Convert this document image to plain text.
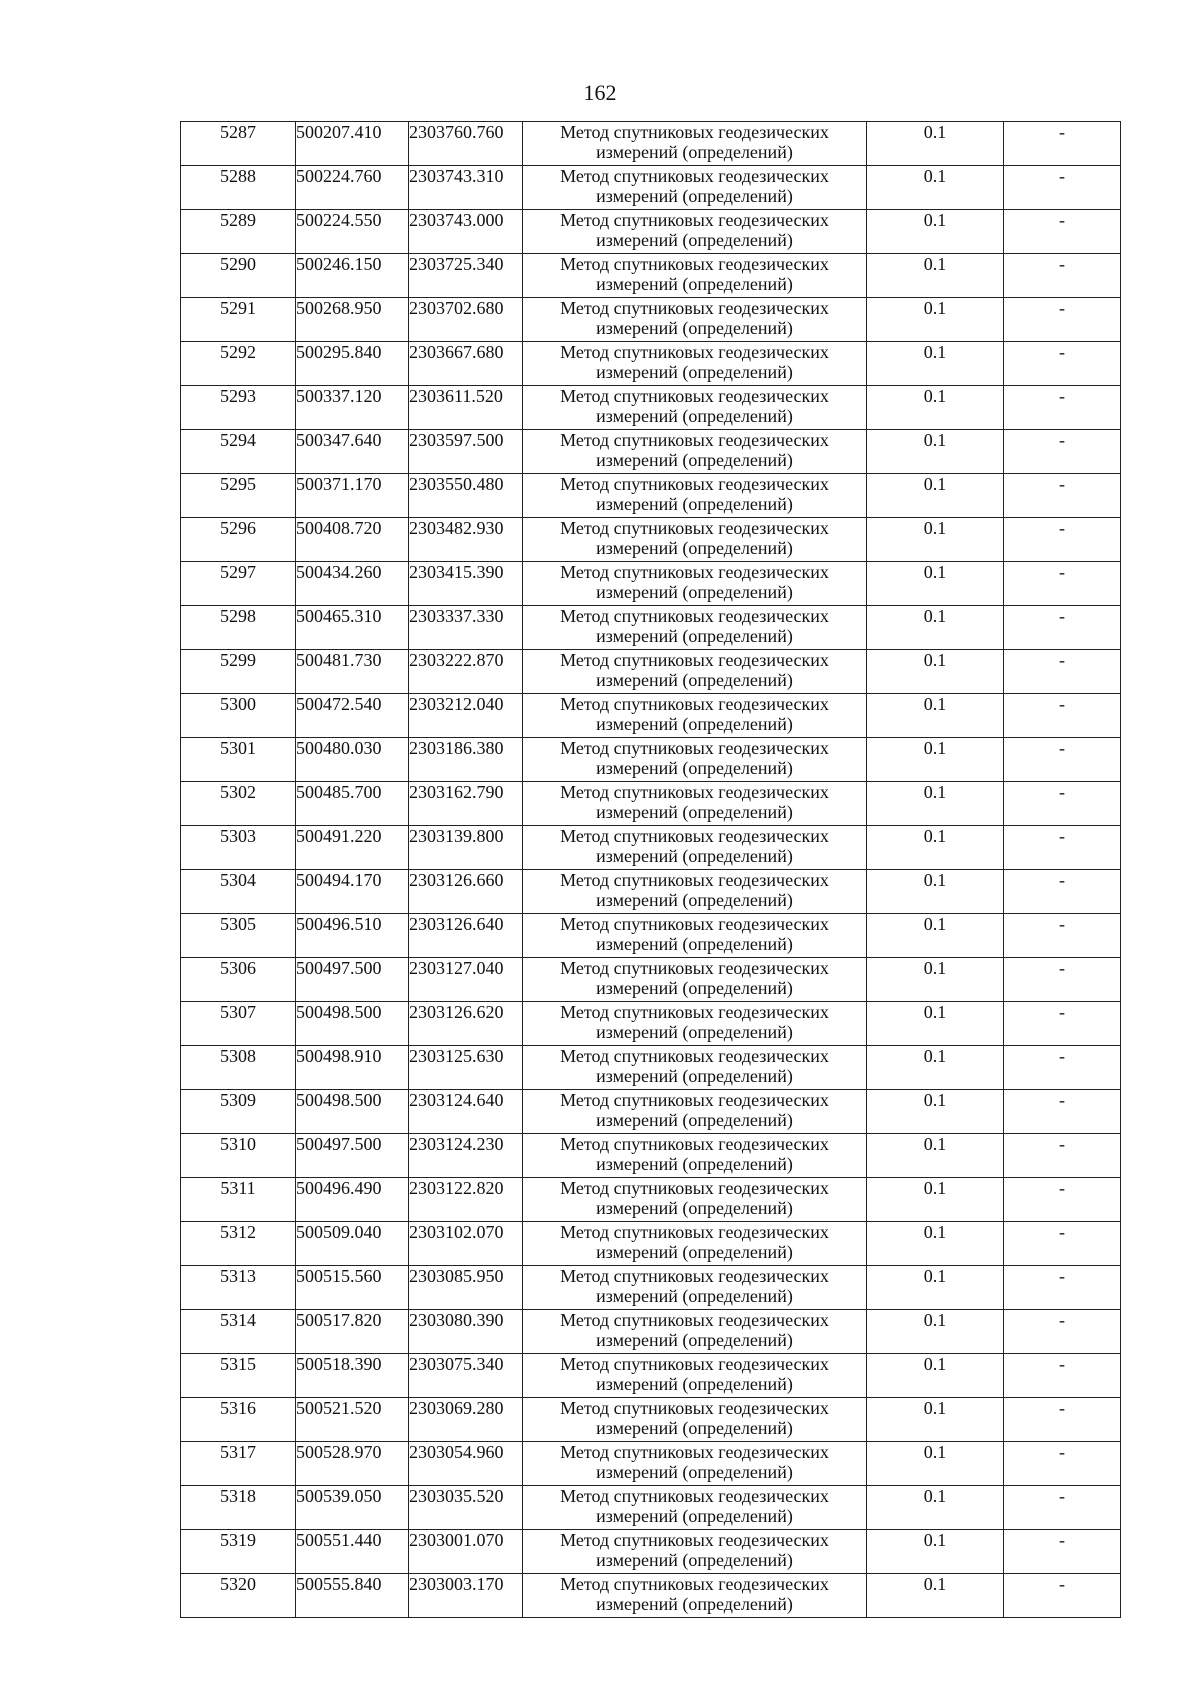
162
5287	500207.410	2303760.760	Метод спутниковых геодезических измерений (определений)	0.1	-
5288	500224.760	2303743.310	Метод спутниковых геодезических измерений (определений)	0.1	-
5289	500224.550	2303743.000	Метод спутниковых геодезических измерений (определений)	0.1	-
5290	500246.150	2303725.340	Метод спутниковых геодезических измерений (определений)	0.1	-
5291	500268.950	2303702.680	Метод спутниковых геодезических измерений (определений)	0.1	-
5292	500295.840	2303667.680	Метод спутниковых геодезических измерений (определений)	0.1	-
5293	500337.120	2303611.520	Метод спутниковых геодезических измерений (определений)	0.1	-
5294	500347.640	2303597.500	Метод спутниковых геодезических измерений (определений)	0.1	-
5295	500371.170	2303550.480	Метод спутниковых геодезических измерений (определений)	0.1	-
5296	500408.720	2303482.930	Метод спутниковых геодезических измерений (определений)	0.1	-
5297	500434.260	2303415.390	Метод спутниковых геодезических измерений (определений)	0.1	-
5298	500465.310	2303337.330	Метод спутниковых геодезических измерений (определений)	0.1	-
5299	500481.730	2303222.870	Метод спутниковых геодезических измерений (определений)	0.1	-
5300	500472.540	2303212.040	Метод спутниковых геодезических измерений (определений)	0.1	-
5301	500480.030	2303186.380	Метод спутниковых геодезических измерений (определений)	0.1	-
5302	500485.700	2303162.790	Метод спутниковых геодезических измерений (определений)	0.1	-
5303	500491.220	2303139.800	Метод спутниковых геодезических измерений (определений)	0.1	-
5304	500494.170	2303126.660	Метод спутниковых геодезических измерений (определений)	0.1	-
5305	500496.510	2303126.640	Метод спутниковых геодезических измерений (определений)	0.1	-
5306	500497.500	2303127.040	Метод спутниковых геодезических измерений (определений)	0.1	-
5307	500498.500	2303126.620	Метод спутниковых геодезических измерений (определений)	0.1	-
5308	500498.910	2303125.630	Метод спутниковых геодезических измерений (определений)	0.1	-
5309	500498.500	2303124.640	Метод спутниковых геодезических измерений (определений)	0.1	-
5310	500497.500	2303124.230	Метод спутниковых геодезических измерений (определений)	0.1	-
5311	500496.490	2303122.820	Метод спутниковых геодезических измерений (определений)	0.1	-
5312	500509.040	2303102.070	Метод спутниковых геодезических измерений (определений)	0.1	-
5313	500515.560	2303085.950	Метод спутниковых геодезических измерений (определений)	0.1	-
5314	500517.820	2303080.390	Метод спутниковых геодезических измерений (определений)	0.1	-
5315	500518.390	2303075.340	Метод спутниковых геодезических измерений (определений)	0.1	-
5316	500521.520	2303069.280	Метод спутниковых геодезических измерений (определений)	0.1	-
5317	500528.970	2303054.960	Метод спутниковых геодезических измерений (определений)	0.1	-
5318	500539.050	2303035.520	Метод спутниковых геодезических измерений (определений)	0.1	-
5319	500551.440	2303001.070	Метод спутниковых геодезических измерений (определений)	0.1	-
5320	500555.840	2303003.170	Метод спутниковых геодезических измерений (определений)	0.1	-
